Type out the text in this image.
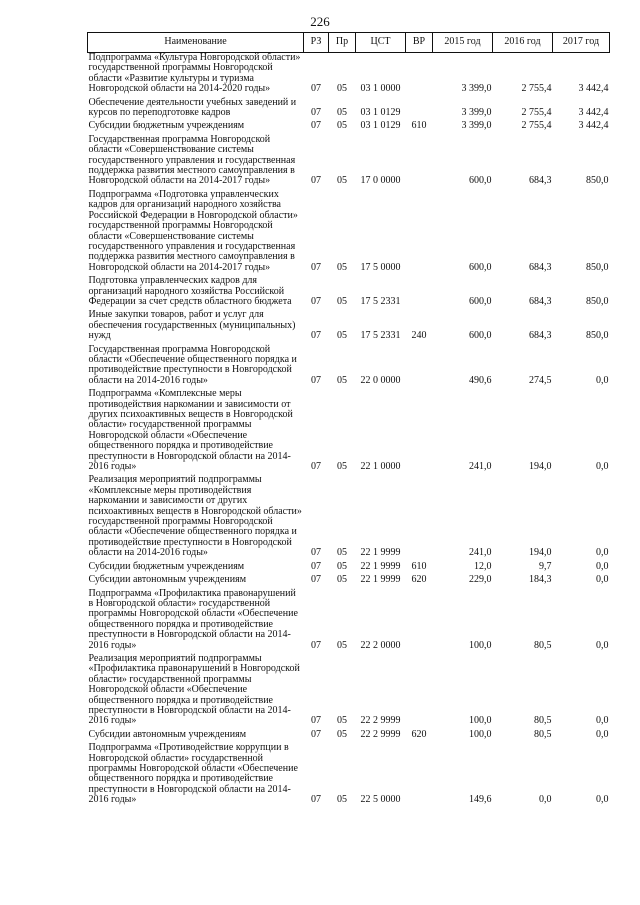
226
Наименование	РЗ	Пр	ЦСТ	ВР	2015 год	2016 год	2017 год
Подпрограмма «Культура Новгородской области» государственной программы Новгородской области «Развитие культуры и туризма Новгородской области на 2014-2020 годы»	07	05	03 1 0000		3 399,0	2 755,4	3 442,4
Обеспечение деятельности учебных заведений и курсов по переподготовке кадров	07	05	03 1 0129		3 399,0	2 755,4	3 442,4
Субсидии бюджетным учреждениям	07	05	03 1 0129	610	3 399,0	2 755,4	3 442,4
Государственная программа Новгородской области «Совершенствование системы государственного управления и государственная поддержка развития местного самоуправления в Новгородской области на 2014-2017 годы»	07	05	17 0 0000		600,0	684,3	850,0
Подпрограмма «Подготовка управленческих кадров для организаций народного хозяйства Российской Федерации в Новгородской области» государственной программы Новгородской области «Совершенствование системы государственного управления и государственная поддержка развития местного самоуправления в Новгородской области на 2014-2017 годы»	07	05	17 5 0000		600,0	684,3	850,0
Подготовка управленческих кадров для организаций народного хозяйства Российской Федерации за счет средств областного бюджета	07	05	17 5 2331		600,0	684,3	850,0
Иные закупки товаров, работ и услуг для обеспечения государственных (муниципальных) нужд	07	05	17 5 2331	240	600,0	684,3	850,0
Государственная программа Новгородской области «Обеспечение общественного порядка и противодействие преступности в Новгородской области на 2014-2016 годы»	07	05	22 0 0000		490,6	274,5	0,0
Подпрограмма «Комплексные меры противодействия наркомании и зависимости от других психоактивных веществ в Новгородской области» государственной программы Новгородской области «Обеспечение общественного порядка и противодействие преступности в Новгородской области на 2014-2016 годы»	07	05	22 1 0000		241,0	194,0	0,0
Реализация мероприятий подпрограммы «Комплексные меры противодействия наркомании и зависимости от других психоактивных веществ в Новгородской области» государственной программы Новгородской области «Обеспечение общественного порядка и противодействие преступности в Новгородской области на 2014-2016 годы»	07	05	22 1 9999		241,0	194,0	0,0
Субсидии бюджетным учреждениям	07	05	22 1 9999	610	12,0	9,7	0,0
Субсидии автономным учреждениям	07	05	22 1 9999	620	229,0	184,3	0,0
Подпрограмма «Профилактика правонарушений в Новгородской области» государственной программы Новгородской области «Обеспечение общественного порядка и противодействие преступности в Новгородской области на 2014-2016 годы»	07	05	22 2 0000		100,0	80,5	0,0
Реализация мероприятий подпрограммы «Профилактика правонарушений в Новгородской области» государственной программы Новгородской области «Обеспечение общественного порядка и противодействие преступности в Новгородской области на 2014-2016 годы»	07	05	22 2 9999		100,0	80,5	0,0
Субсидии автономным учреждениям	07	05	22 2 9999	620	100,0	80,5	0,0
Подпрограмма «Противодействие коррупции в Новгородской области» государственной программы Новгородской области «Обеспечение общественного порядка и противодействие преступности в Новгородской области на 2014-2016 годы»	07	05	22 5 0000		149,6	0,0	0,0
